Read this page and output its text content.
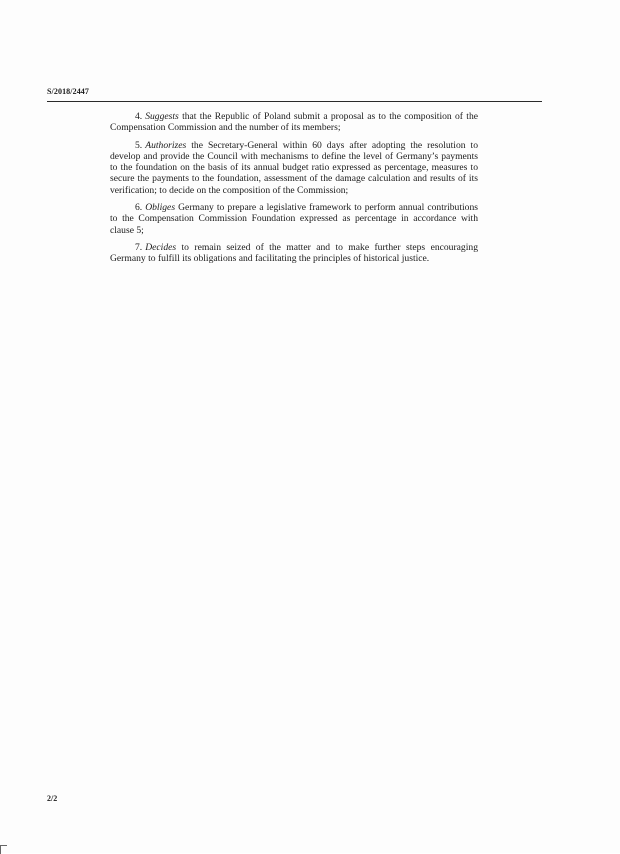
S/2018/2447

4. Suggests that the Republic of Poland submit a proposal as to the composition of the Compensation Commission and the number of its members;

5. Authorizes the Secretary-General within 60 days after adopting the resolution to develop and provide the Council with mechanisms to define the level of Germany’s payments to the foundation on the basis of its annual budget ratio expressed as percentage, measures to secure the payments to the foundation, assessment of the damage calculation and results of its verification; to decide on the composition of the Commission;

6. Obliges Germany to prepare a legislative framework to perform annual contributions to the Compensation Commission Foundation expressed as percentage in accordance with clause 5;

7. Decides to remain seized of the matter and to make further steps encouraging Germany to fulfill its obligations and facilitating the principles of historical justice.

2/2
